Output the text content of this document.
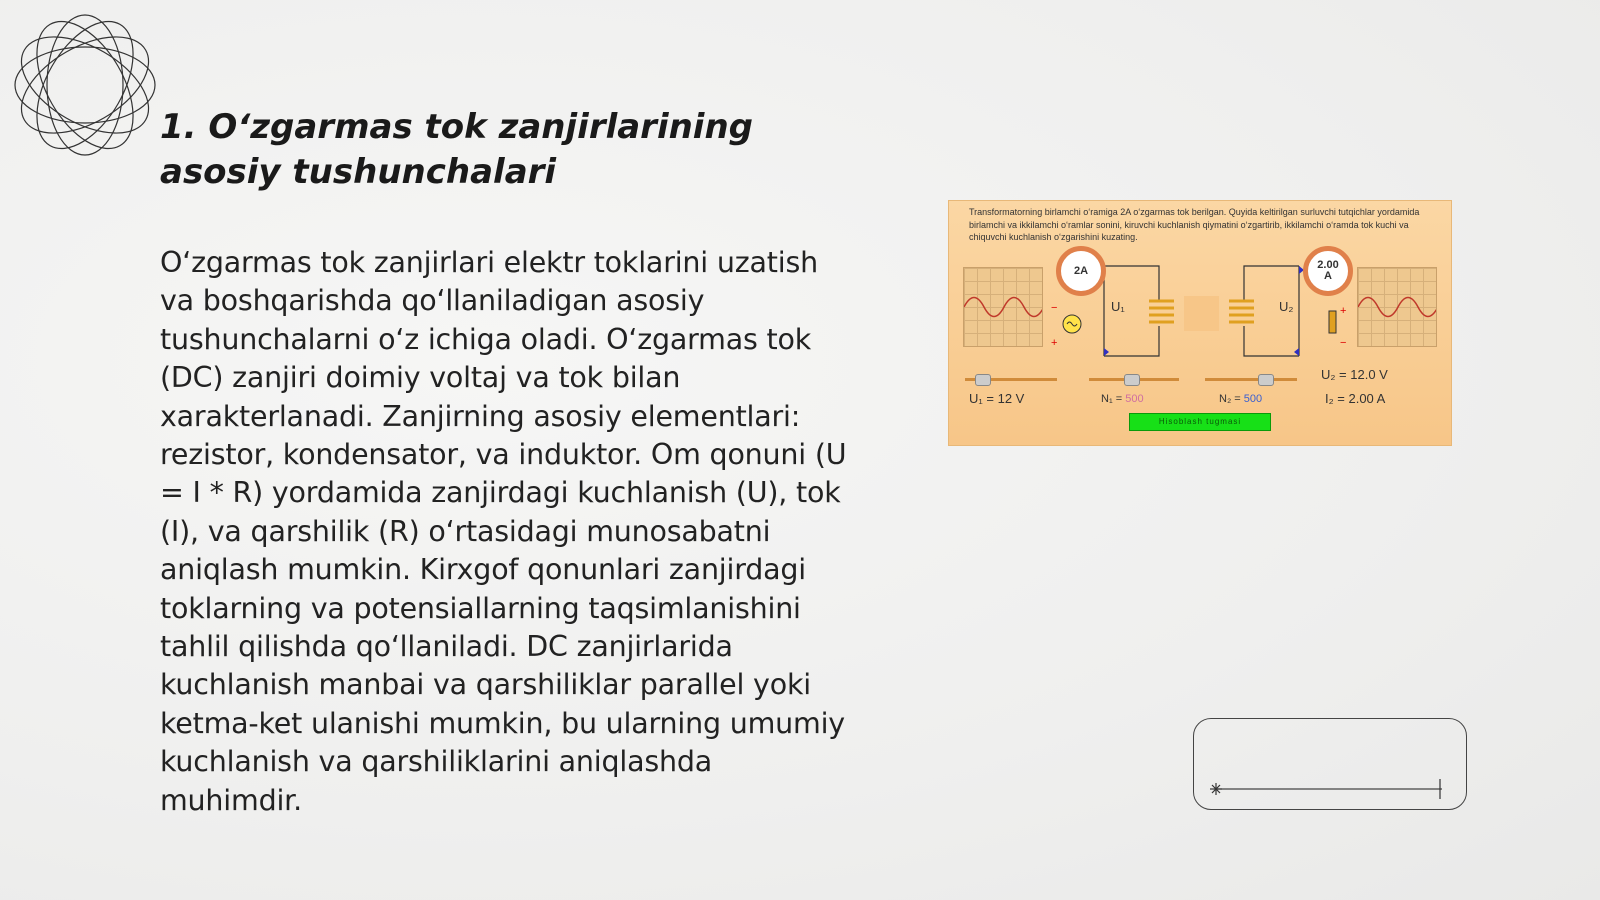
1. O‘zgarmas tok zanjirlarining asosiy tushunchalari

O‘zgarmas tok zanjirlari elektr toklarini uzatish va boshqarishda qo‘llaniladigan asosiy tushunchalarni o‘z ichiga oladi. O‘zgarmas tok (DC) zanjiri doimiy voltaj va tok bilan xarakterlanadi. Zanjirning asosiy elementlari: rezistor, kondensator, va induktor. Om qonuni (U = I * R) yordamida zanjirdagi kuchlanish (U), tok (I), va qarshilik (R) o‘rtasidagi munosabatni aniqlash mumkin. Kirxgof qonunlari zanjirdagi toklarning va potensiallarning taqsimlanishini tahlil qilishda qo‘llaniladi. DC zanjirlarida kuchlanish manbai va qarshiliklar parallel yoki ketma-ket ulanishi mumkin, bu ularning umumiy kuchlanish va qarshiliklarini aniqlashda muhimdir.

Transformatorning birlamchi o‘ramiga 2A o‘zgarmas tok berilgan. Quyida keltirilgan surluvchi tutqichlar yordamida birlamchi va ikkilamchi o‘ramlar sonini, kiruvchi kuchlanish qiymatini o‘zgartirib, ikkilamchi o‘ramda tok kuchi va chiquvchi kuchlanish o‘zgarishini kuzating.
−
+
+
−
2A	2.00
A
U₁	U₂
U₁ = 12 V	N₁ = 500	N₂ = 500
U₂ = 12.0 V
I₂ = 2.00 A
Hisoblash tugmasi
